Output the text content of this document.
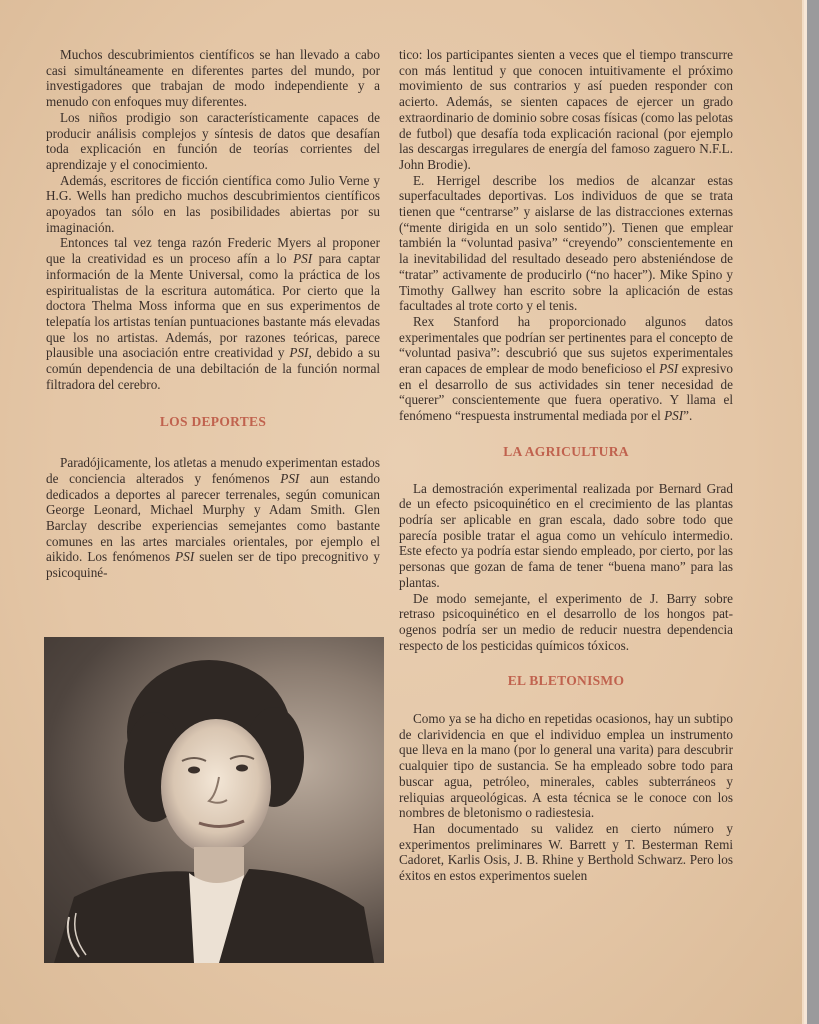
Muchos descubrimientos científicos se han llevado a cabo casi simultáneamente en diferentes partes del mundo, por investigadores que trabajan de modo independiente y a menudo con enfoques muy diferentes.

Los niños prodigio son característicamente capaces de producir análisis complejos y síntesis de datos que desafían toda explicación en función de teorías corrientes del aprendizaje y el conocimiento.

Además, escritores de ficción científica como Julio Verne y H.G. Wells han predicho muchos descubrimientos científicos apoyados tan sólo en las posibilidades abiertas por su imaginación.

Entonces tal vez tenga razón Frederic Myers al proponer que la creatividad es un proceso afín a lo PSI para captar información de la Mente Universal, como la práctica de los espiritualistas de la escritura automática. Por cierto que la doctora Thelma Moss informa que en sus experimentos de telepatía los artistas tenían puntuaciones bastante más elevadas que los no artistas. Además, por razones teóricas, parece plausible una asociación entre creatividad y PSI, debido a su común dependencia de una debiltación de la función normal filtradora del cerebro.

LOS DEPORTES

Paradójicamente, los atletas a menudo experimentan estados de conciencia alterados y fenómenos PSI aun estando dedicados a deportes al parecer terrenales, según comunican George Leonard, Michael Murphy y Adam Smith. Glen Barclay describe experiencias semejantes como bastante comunes en las artes marciales orientales, por ejemplo el aikido. Los fenómenos PSI suelen ser de tipo precognitivo y psicoquiné-

tico: los participantes sienten a veces que el tiempo transcurre con más lentitud y que conocen intuitivamente el próximo movimiento de sus contrarios y así pueden responder con acierto. Además, se sienten capaces de ejercer un grado extraordinario de dominio sobre cosas físicas (como las pelotas de futbol) que desafía toda explicación racional (por ejemplo las descargas irregulares de energía del famoso zaguero N.F.L. John Brodie).

E. Herrigel describe los medios de alcanzar estas superfacultades deportivas. Los individuos de que se trata tienen que “centrarse” y aislarse de las distracciones externas (“mente dirigida en un solo sentido”). Tienen que emplear también la “voluntad pasiva” “creyendo” conscientemente en la inevitabilidad del resultado deseado pero absteniéndose de “tratar” activamente de producirlo (“no hacer”). Mike Spino y Timothy Gallwey han escrito sobre la aplicación de estas facultades al trote corto y el tenis.

Rex Stanford ha proporcionado algunos datos experimentales que podrían ser pertinentes para el concepto de “voluntad pasiva”: descubrió que sus sujetos experimentales eran capaces de emplear de modo beneficioso el PSI expresivo en el desarrollo de sus actividades sin tener necesidad de “querer” conscientemente que fuera operativo. Y llama el fenómeno “respuesta instrumental mediada por el PSI”.

LA AGRICULTURA

La demostración experimental realizada por Bernard Grad de un efecto psicoquinético en el crecimiento de las plantas podría ser aplicable en gran escala, dado sobre todo que parecía posible tratar el agua como un vehículo intermedio. Este efecto ya podría estar siendo empleado, por cierto, por las personas que gozan de fama de tener “buena mano” para las plantas.

De modo semejante, el experimento de J. Barry sobre retraso psicoquinético en el desarrollo de los hongos pat-ogenos podría ser un medio de reducir nuestra dependencia respecto de los pesticidas químicos tóxicos.

EL BLETONISMO

Como ya se ha dicho en repetidas ocasionos, hay un subtipo de clarividencia en que el individuo emplea un instrumento que lleva en la mano (por lo general una varita) para descubrir cualquier tipo de sustancia. Se ha empleado sobre todo para buscar agua, petróleo, minerales, cables subterráneos y reliquias arqueológicas. A esta técnica se le conoce con los nombres de bletonismo o radiestesia.

Han documentado su validez en cierto número y experimentos preliminares W. Barrett y T. Besterman Remi Cadoret, Karlis Osis, J. B. Rhine y Berthold Schwarz. Pero los éxitos en estos experimentos suelen
